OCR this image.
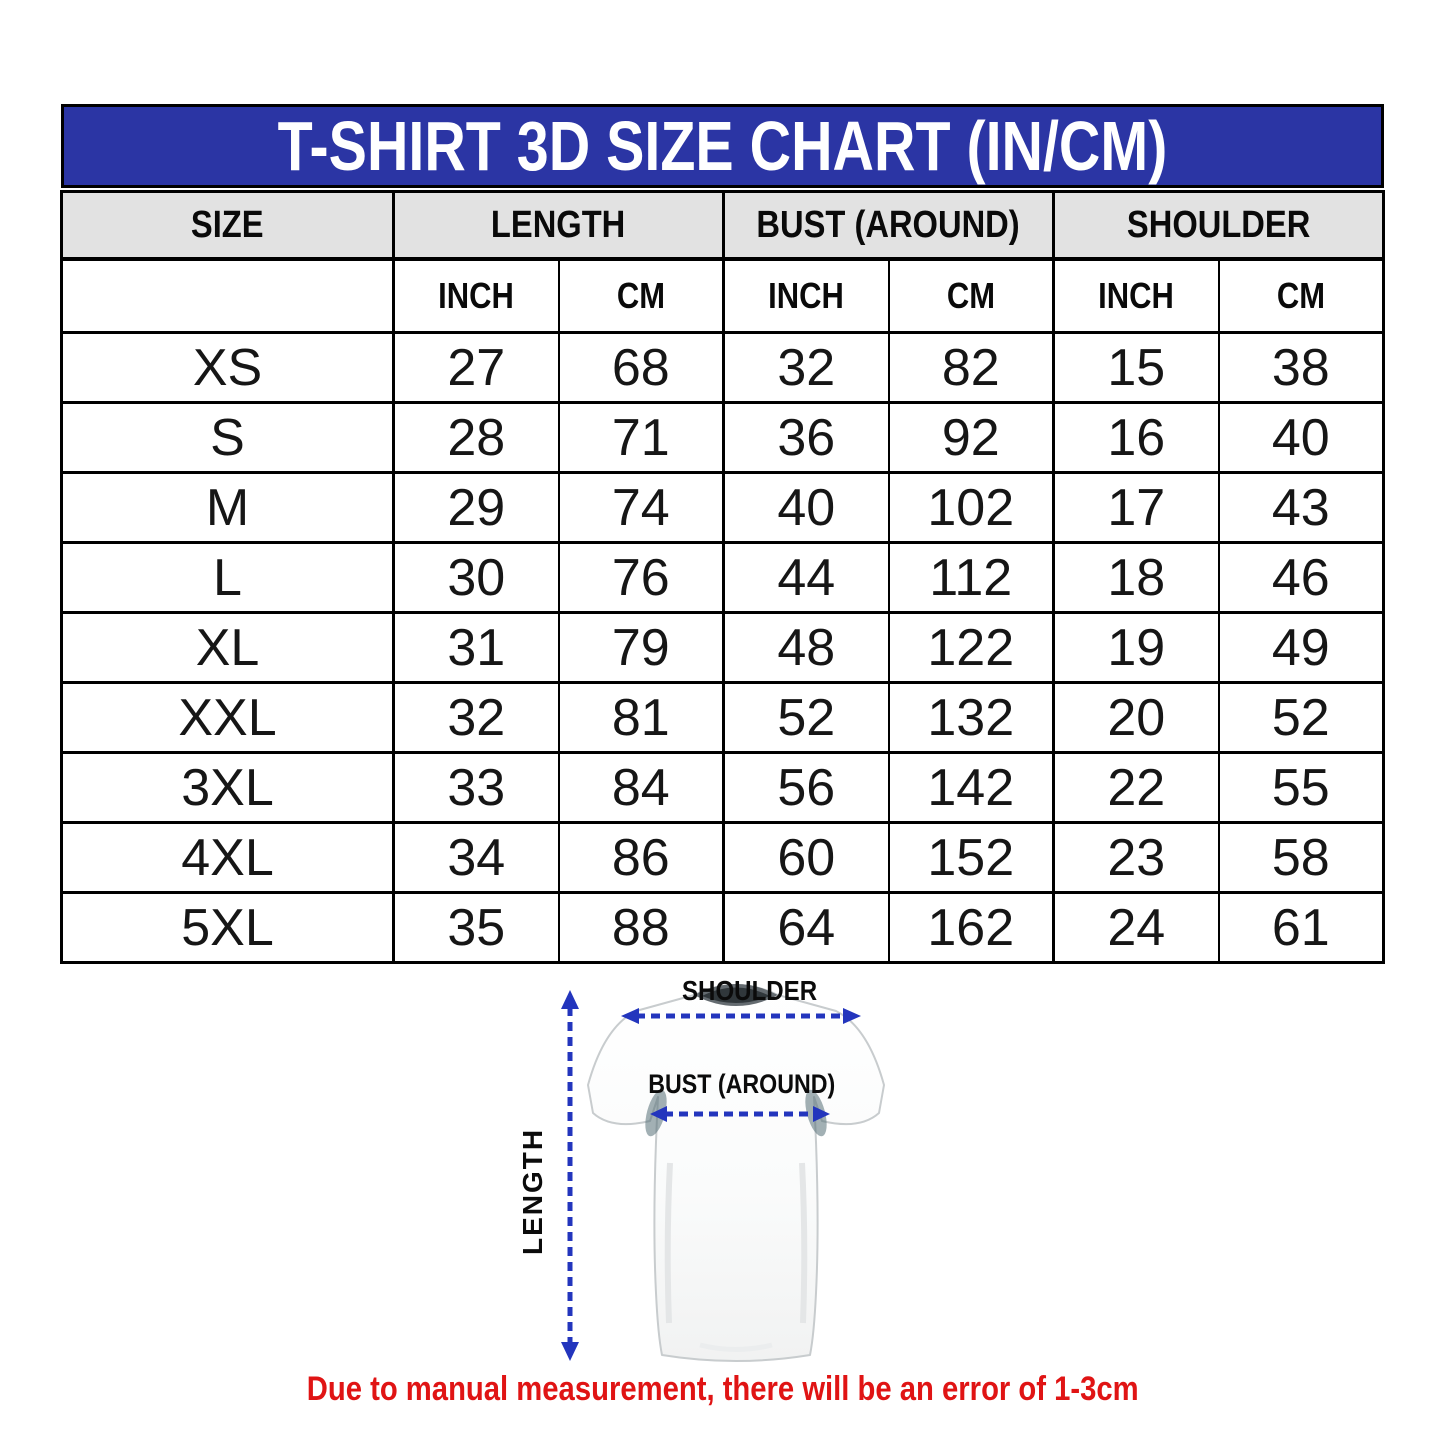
T-SHIRT 3D SIZE CHART (IN/CM)
SIZE	LENGTH		BUST (AROUND)		SHOULDER	
	INCH	CM	INCH	CM	INCH	CM
XS	27	68	32	82	15	38
S	28	71	36	92	16	40
M	29	74	40	102	17	43
L	30	76	44	112	18	46
XL	31	79	48	122	19	49
XXL	32	81	52	132	20	52
3XL	33	84	56	142	22	55
4XL	34	86	60	152	23	58
5XL	35	88	64	162	24	61
SHOULDER
BUST (AROUND)
LENGTH
Due to manual measurement, there will be an error of 1-3cm
